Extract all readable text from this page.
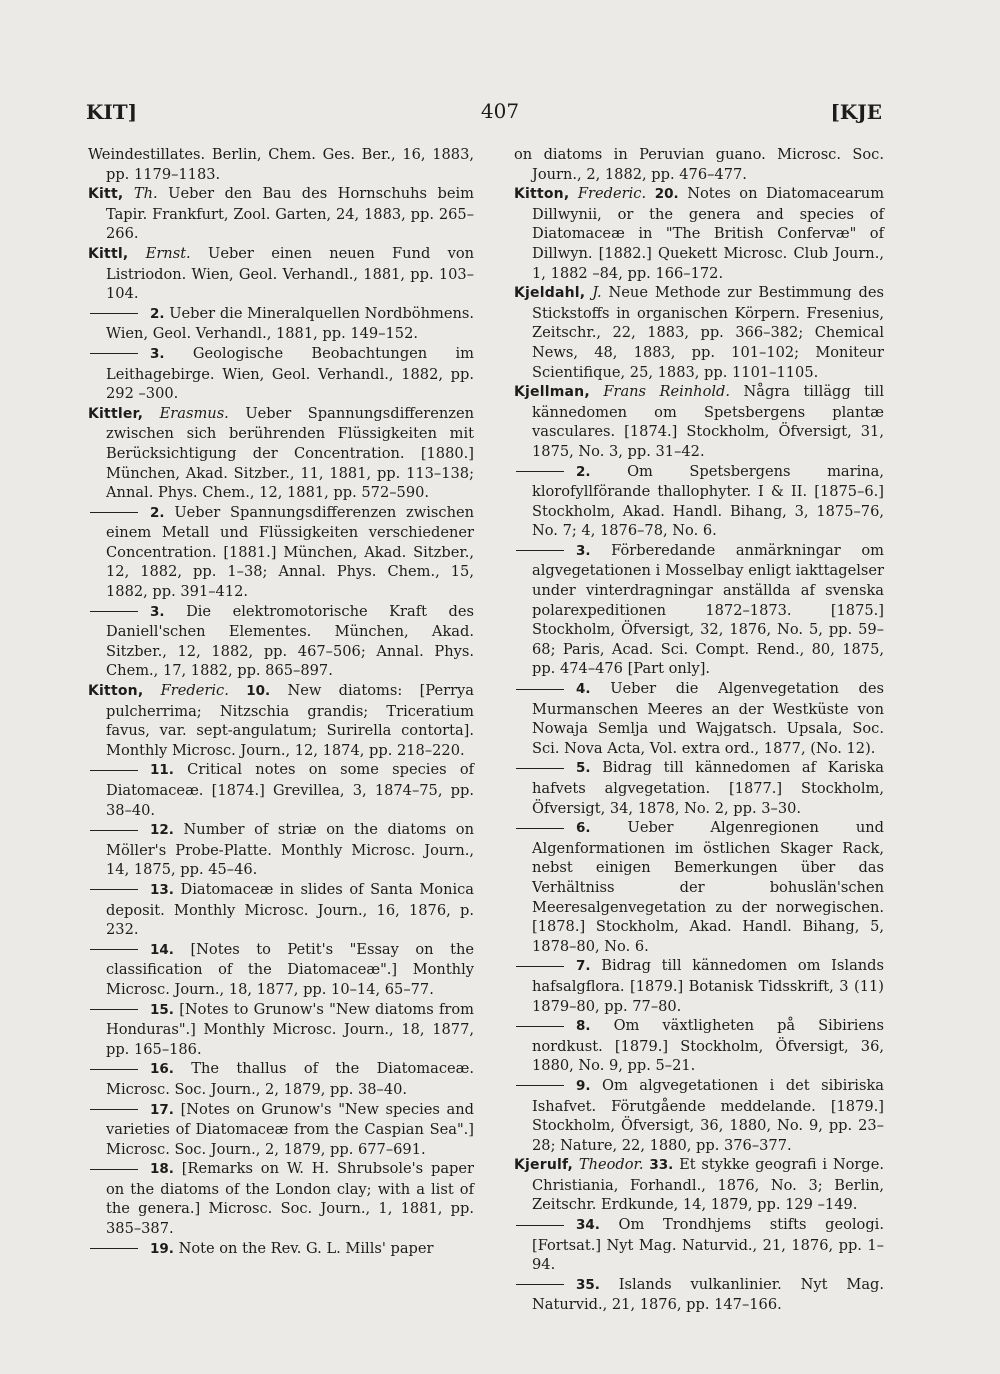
KIT]	407	[KJE

Weindestillates. Berlin, Chem. Ges. Ber., 16, 1883, pp. 1179–1183.

Kitt, Th. Ueber den Bau des Hornschuhs beim Tapir. Frankfurt, Zool. Garten, 24, 1883, pp. 265–266.

Kittl, Ernst. Ueber einen neuen Fund von Listriodon. Wien, Geol. Verhandl., 1881, pp. 103–104.

2. Ueber die Mineralquellen Nordböhmens. Wien, Geol. Verhandl., 1881, pp. 149–152.

3. Geologische Beobachtungen im Leithagebirge. Wien, Geol. Verhandl., 1882, pp. 292 –300.

Kittler, Erasmus. Ueber Spannungsdifferenzen zwischen sich berührenden Flüssigkeiten mit Berücksichtigung der Concentration. [1880.] München, Akad. Sitzber., 11, 1881, pp. 113–138; Annal. Phys. Chem., 12, 1881, pp. 572–590.

2. Ueber Spannungsdifferenzen zwischen einem Metall und Flüssigkeiten verschiedener Concentration. [1881.] München, Akad. Sitzber., 12, 1882, pp. 1–38; Annal. Phys. Chem., 15, 1882, pp. 391–412.

3. Die elektromotorische Kraft des Daniell'schen Elementes. München, Akad. Sitzber., 12, 1882, pp. 467–506; Annal. Phys. Chem., 17, 1882, pp. 865–897.

Kitton, Frederic. 10. New diatoms: [Perrya pulcherrima; Nitzschia grandis; Triceratium favus, var. sept-angulatum; Surirella contorta]. Monthly Microsc. Journ., 12, 1874, pp. 218–220.

11. Critical notes on some species of Diatomaceæ. [1874.] Grevillea, 3, 1874–75, pp. 38–40.

12. Number of striæ on the diatoms on Möller's Probe-Platte. Monthly Microsc. Journ., 14, 1875, pp. 45–46.

13. Diatomaceæ in slides of Santa Monica deposit. Monthly Microsc. Journ., 16, 1876, p. 232.

14. [Notes to Petit's "Essay on the classification of the Diatomaceæ".] Monthly Microsc. Journ., 18, 1877, pp. 10–14, 65–77.

15. [Notes to Grunow's "New diatoms from Honduras".] Monthly Microsc. Journ., 18, 1877, pp. 165–186.

16. The thallus of the Diatomaceæ. Microsc. Soc. Journ., 2, 1879, pp. 38–40.

17. [Notes on Grunow's "New species and varieties of Diatomaceæ from the Caspian Sea".] Microsc. Soc. Journ., 2, 1879, pp. 677–691.

18. [Remarks on W. H. Shrubsole's paper on the diatoms of the London clay; with a list of the genera.] Microsc. Soc. Journ., 1, 1881, pp. 385–387.

19. Note on the Rev. G. L. Mills' paper

on diatoms in Peruvian guano. Microsc. Soc. Journ., 2, 1882, pp. 476–477.

Kitton, Frederic. 20. Notes on Diatomacearum Dillwynii, or the genera and species of Diatomaceæ in "The British Confervæ" of Dillwyn. [1882.] Quekett Microsc. Club Journ., 1, 1882 –84, pp. 166–172.

Kjeldahl, J. Neue Methode zur Bestimmung des Stickstoffs in organischen Körpern. Fresenius, Zeitschr., 22, 1883, pp. 366–382; Chemical News, 48, 1883, pp. 101–102; Moniteur Scientifique, 25, 1883, pp. 1101–1105.

Kjellman, Frans Reinhold. Några tillägg till kännedomen om Spetsbergens plantæ vasculares. [1874.] Stockholm, Öfversigt, 31, 1875, No. 3, pp. 31–42.

2.	Om Spetsbergens marina, klorofyllförande thallophyter. I & II. [1875–6.] Stockholm, Akad. Handl. Bihang, 3, 1875–76, No. 7; 4, 1876–78, No. 6.

3. Förberedande anmärkningar om algvegetationen i Mosselbay enligt iakttagelser under vinterdragningar anställda af svenska polarexpeditionen 1872–1873. [1875.] Stockholm, Öfversigt, 32, 1876, No. 5, pp. 59–68; Paris, Acad. Sci. Compt. Rend., 80, 1875, pp. 474–476 [Part only].

4. Ueber die Algenvegetation des Murmanschen Meeres an der Westküste von Nowaja Semlja und Wajgatsch. Upsala, Soc. Sci. Nova Acta, Vol. extra ord., 1877, (No. 12).

5. Bidrag till kännedomen af Kariska hafvets algvegetation. [1877.] Stockholm, Öfversigt, 34, 1878, No. 2, pp. 3–30.

6.	Ueber Algenregionen und Algenformationen im östlichen Skager Rack, nebst einigen Bemerkungen über das Verhältniss der bohuslän'schen Meeresalgenvegetation zu der norwegischen. [1878.] Stockholm, Akad. Handl. Bihang, 5, 1878–80, No. 6.

7. Bidrag till kännedomen om Islands hafsalgflora. [1879.] Botanisk Tidsskrift, 3 (11) 1879–80, pp. 77–80.

8. Om växtligheten på Sibiriens nordkust. [1879.] Stockholm, Öfversigt, 36, 1880, No. 9, pp. 5–21.

9. Om algvegetationen i det sibiriska Ishafvet. Förutgående meddelande. [1879.] Stockholm, Öfversigt, 36, 1880, No. 9, pp. 23–28; Nature, 22, 1880, pp. 376–377.

Kjerulf, Theodor. 33. Et stykke geografi i Norge. Christiania, Forhandl., 1876, No. 3; Berlin, Zeitschr. Erdkunde, 14, 1879, pp. 129 –149.

34. Om Trondhjems stifts geologi. [Fortsat.] Nyt Mag. Naturvid., 21, 1876, pp. 1–94.

35. Islands vulkanlinier. Nyt Mag. Naturvid., 21, 1876, pp. 147–166.
